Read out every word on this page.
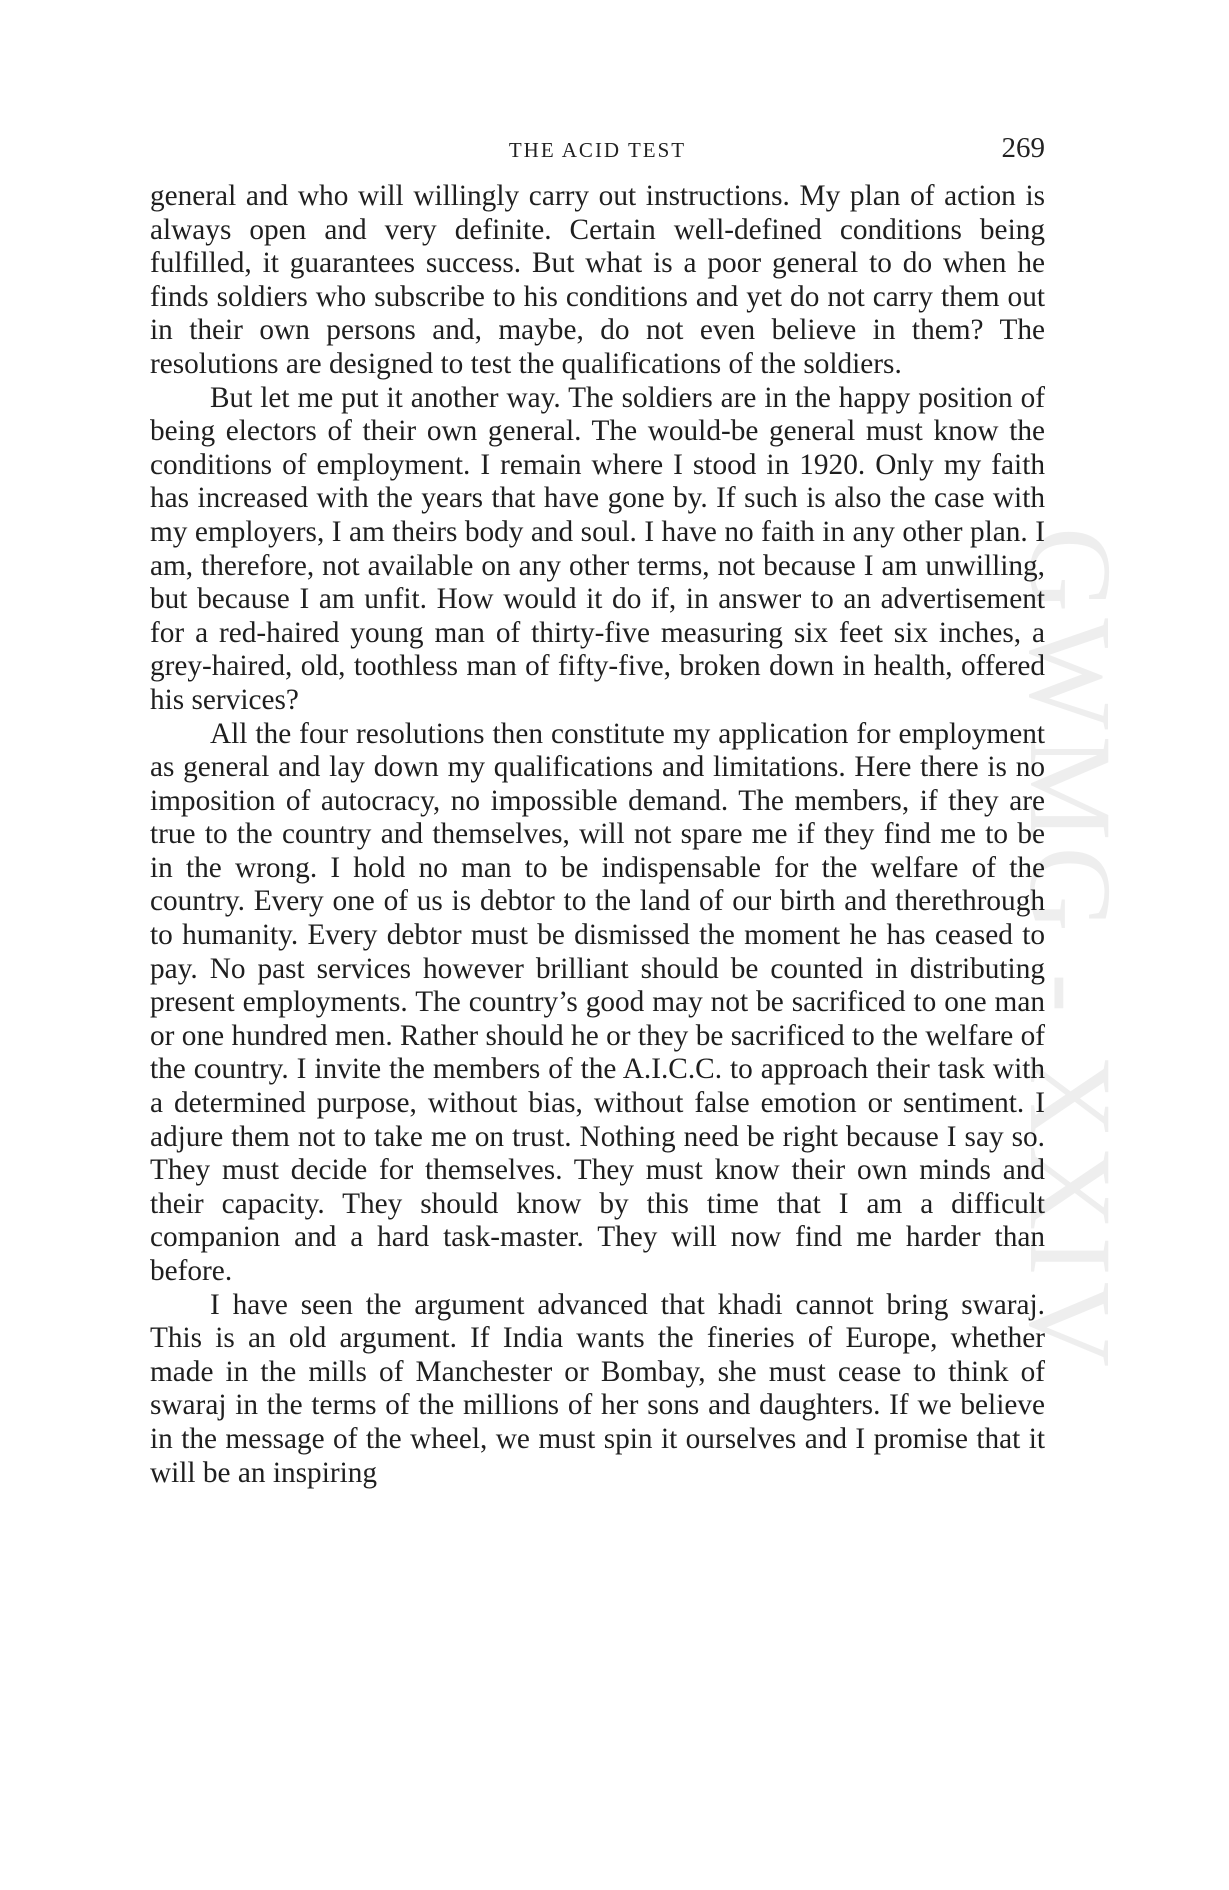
GWMG - XXIV
THE ACID TEST	269

general and who will willingly carry out instructions. My plan of action is always open and very definite. Certain well-defined conditions being fulfilled, it guarantees success. But what is a poor general to do when he finds soldiers who subscribe to his conditions and yet do not carry them out in their own persons and, maybe, do not even believe in them? The resolutions are designed to test the qualifications of the soldiers.

But let me put it another way. The soldiers are in the happy position of being electors of their own general. The would-be general must know the conditions of employment. I remain where I stood in 1920. Only my faith has increased with the years that have gone by. If such is also the case with my employers, I am theirs body and soul. I have no faith in any other plan. I am, therefore, not available on any other terms, not because I am unwilling, but because I am unfit. How would it do if, in answer to an advertisement for a red-haired young man of thirty-five measuring six feet six inches, a grey-haired, old, toothless man of fifty-five, broken down in health, offered his services?

All the four resolutions then constitute my application for employment as general and lay down my qualifications and limitations. Here there is no imposition of autocracy, no impossible demand. The members, if they are true to the country and themselves, will not spare me if they find me to be in the wrong. I hold no man to be indispensable for the welfare of the country. Every one of us is debtor to the land of our birth and therethrough to humanity. Every debtor must be dismissed the moment he has ceased to pay. No past services however brilliant should be counted in distributing present employments. The country’s good may not be sacrificed to one man or one hundred men. Rather should he or they be sacrificed to the welfare of the country. I invite the members of the A.I.C.C. to approach their task with a determined purpose, without bias, without false emotion or sentiment. I adjure them not to take me on trust. Nothing need be right because I say so. They must decide for themselves. They must know their own minds and their capacity. They should know by this time that I am a difficult companion and a hard task-master. They will now find me harder than before.

I have seen the argument advanced that khadi cannot bring swaraj. This is an old argument. If India wants the fineries of Europe, whether made in the mills of Manchester or Bombay, she must cease to think of swaraj in the terms of the millions of her sons and daughters. If we believe in the message of the wheel, we must spin it ourselves and I promise that it will be an inspiring
